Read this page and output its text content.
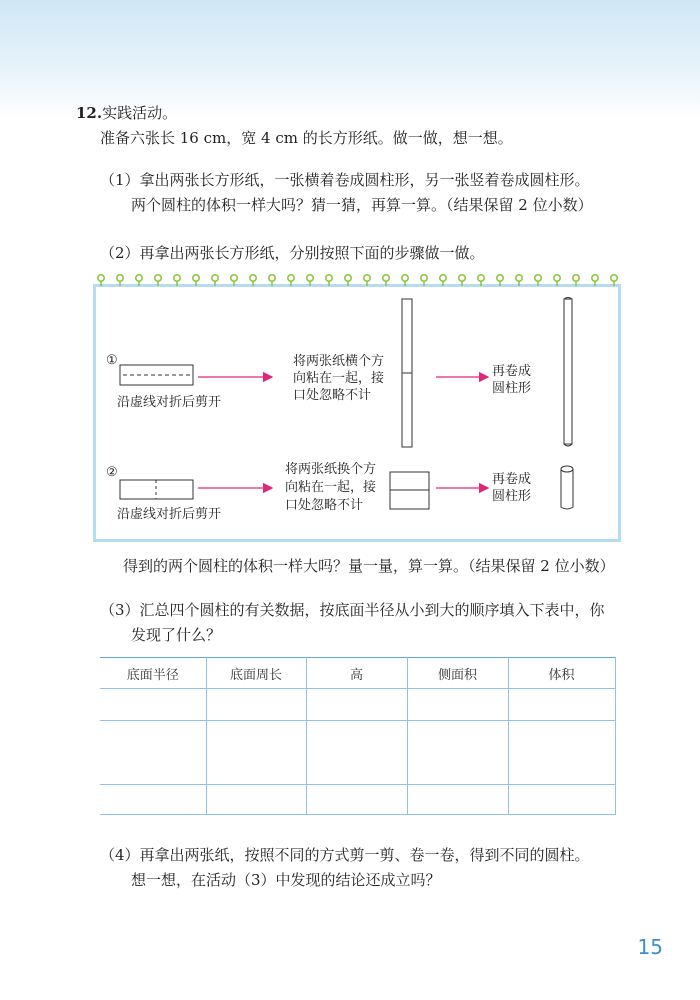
12.实践活动。
准备六张长 16 cm，宽 4 cm 的长方形纸。做一做，想一想。
（1）拿出两张长方形纸，一张横着卷成圆柱形，另一张竖着卷成圆柱形。
两个圆柱的体积一样大吗？猜一猜，再算一算。（结果保留 2 位小数）
（2）再拿出两张长方形纸，分别按照下面的步骤做一做。
①
沿虚线对折后剪开
将两张纸横个方
向粘在一起，接
口处忽略不计
再卷成
圆柱形
②
沿虚线对折后剪开
将两张纸换个方
向粘在一起，接
口处忽略不计
再卷成
圆柱形
得到的两个圆柱的体积一样大吗？量一量，算一算。（结果保留 2 位小数）
（3）汇总四个圆柱的有关数据，按底面半径从小到大的顺序填入下表中，你
发现了什么？
底面半径	底面周长	高	侧面积	体积

（4）再拿出两张纸，按照不同的方式剪一剪、卷一卷，得到不同的圆柱。
想一想，在活动（3）中发现的结论还成立吗？
15
